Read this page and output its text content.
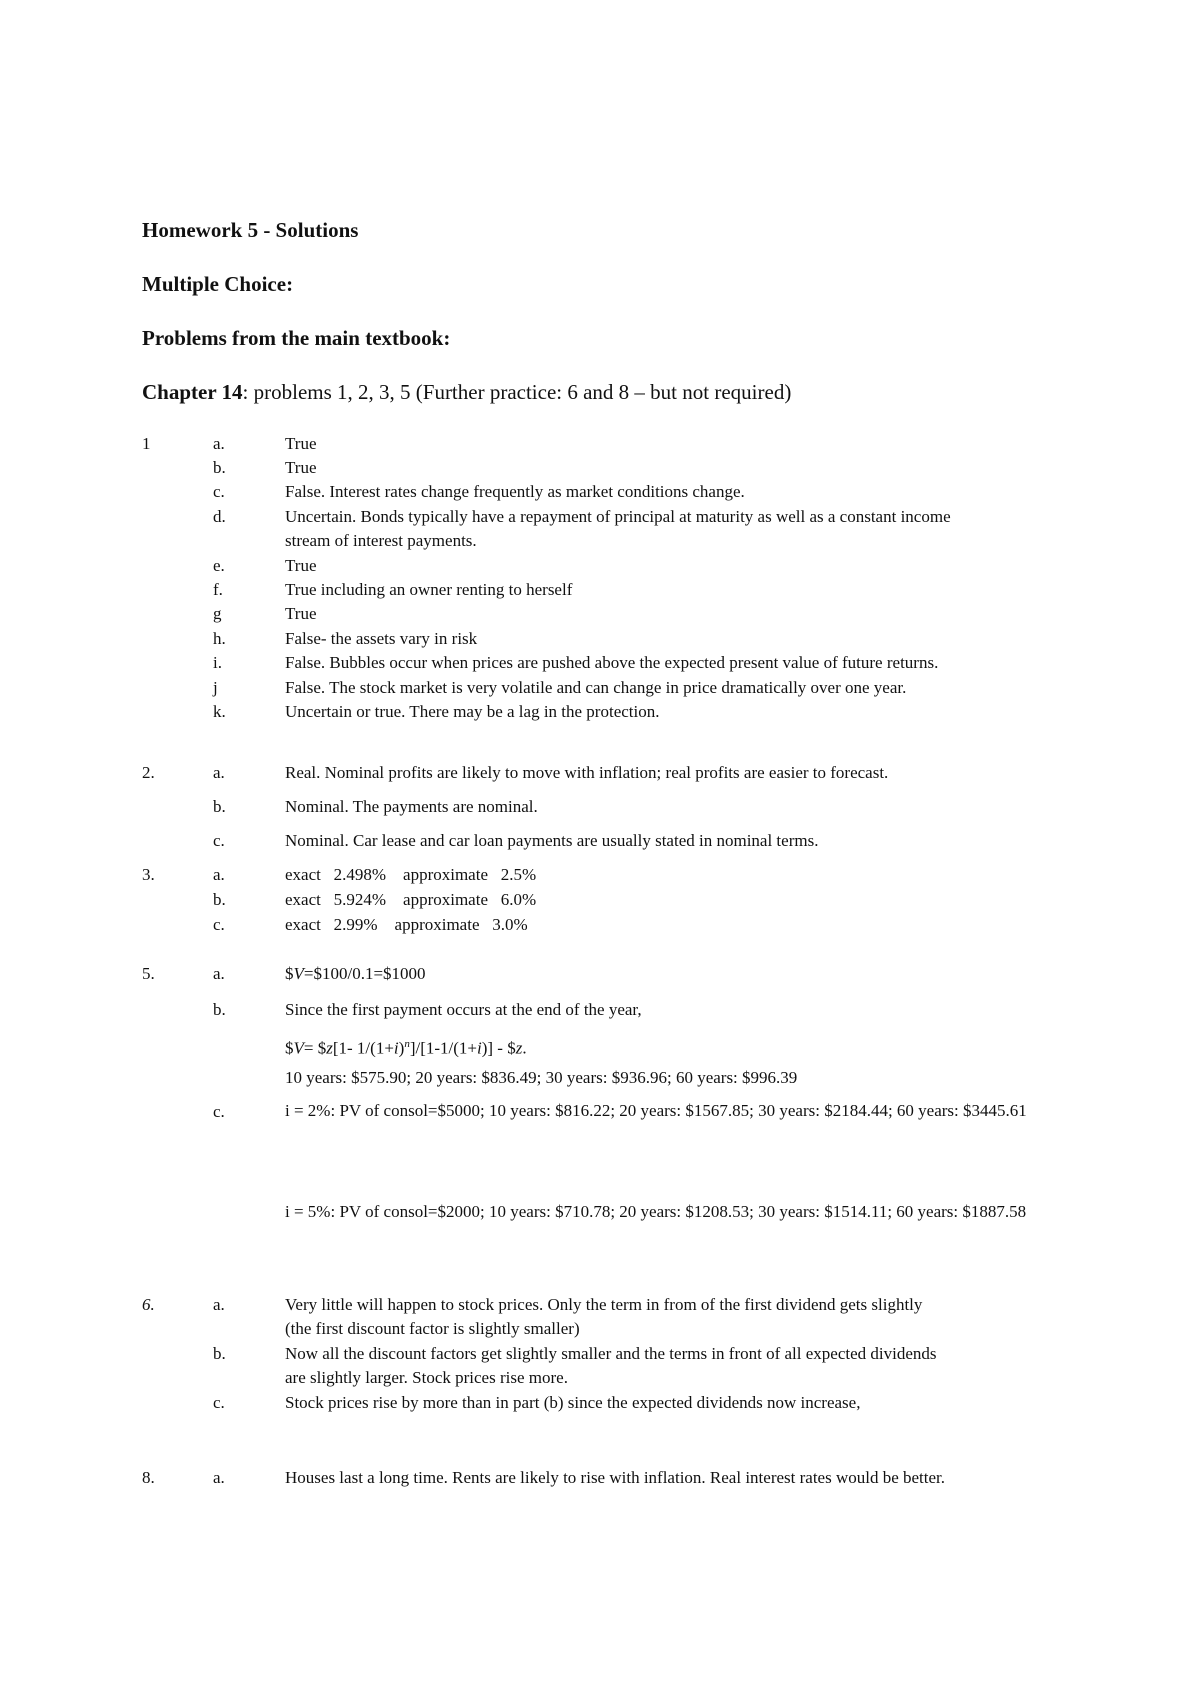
Homework 5 - Solutions
Multiple Choice:
Problems from the main textbook:
Chapter 14: problems 1, 2, 3, 5 (Further practice: 6 and 8 – but not required)
1	a.	True
b.	True
c.	False. Interest rates change frequently as market conditions change.
d.	Uncertain. Bonds typically have a repayment of principal at maturity as well as a constant income
stream of interest payments.
e.	True
f.	True including an owner renting to herself
g	True
h.	False- the assets vary in risk
i.	False. Bubbles occur when prices are pushed above the expected present value of future returns.
j	False. The stock market is very volatile and can change in price dramatically over one year.
k.	Uncertain or true. There may be a lag in the protection.
2.	a.	Real. Nominal profits are likely to move with inflation; real profits are easier to forecast.
b.	Nominal. The payments are nominal.
c.	Nominal. Car lease and car loan payments are usually stated in nominal terms.
3.	a.	exact   2.498%    approximate   2.5%
b.	exact   5.924%    approximate   6.0%
c.	exact   2.99%    approximate   3.0%
5.	a.	$V=$100/0.1=$1000
b.	Since the first payment occurs at the end of the year,
$V= $z[1- $1/(1+i)^n]/[1-1/(1+i)]$ - $z.
10 years: $575.90; 20 years: $836.49; 30 years: $936.96; 60 years: $996.39
c.	i = 2%: PV of consol=$5000; 10 years: $816.22; 20 years: $1567.85; 30 years: $2184.44; 60 years: $3445.61
i = 5%: PV of consol=$2000; 10 years: $710.78; 20 years: $1208.53; 30 years: $1514.11; 60 years: $1887.58
6.	a.	Very little will happen to stock prices. Only the term in from of the first dividend gets slightly
(the first discount factor is slightly smaller)
b.	Now all the discount factors get slightly smaller and the terms in front of all expected dividends
are slightly larger. Stock prices rise more.
c.	Stock prices rise by more than in part (b) since the expected dividends now increase,
8.	a.	Houses last a long time. Rents are likely to rise with inflation. Real interest rates would be better.
